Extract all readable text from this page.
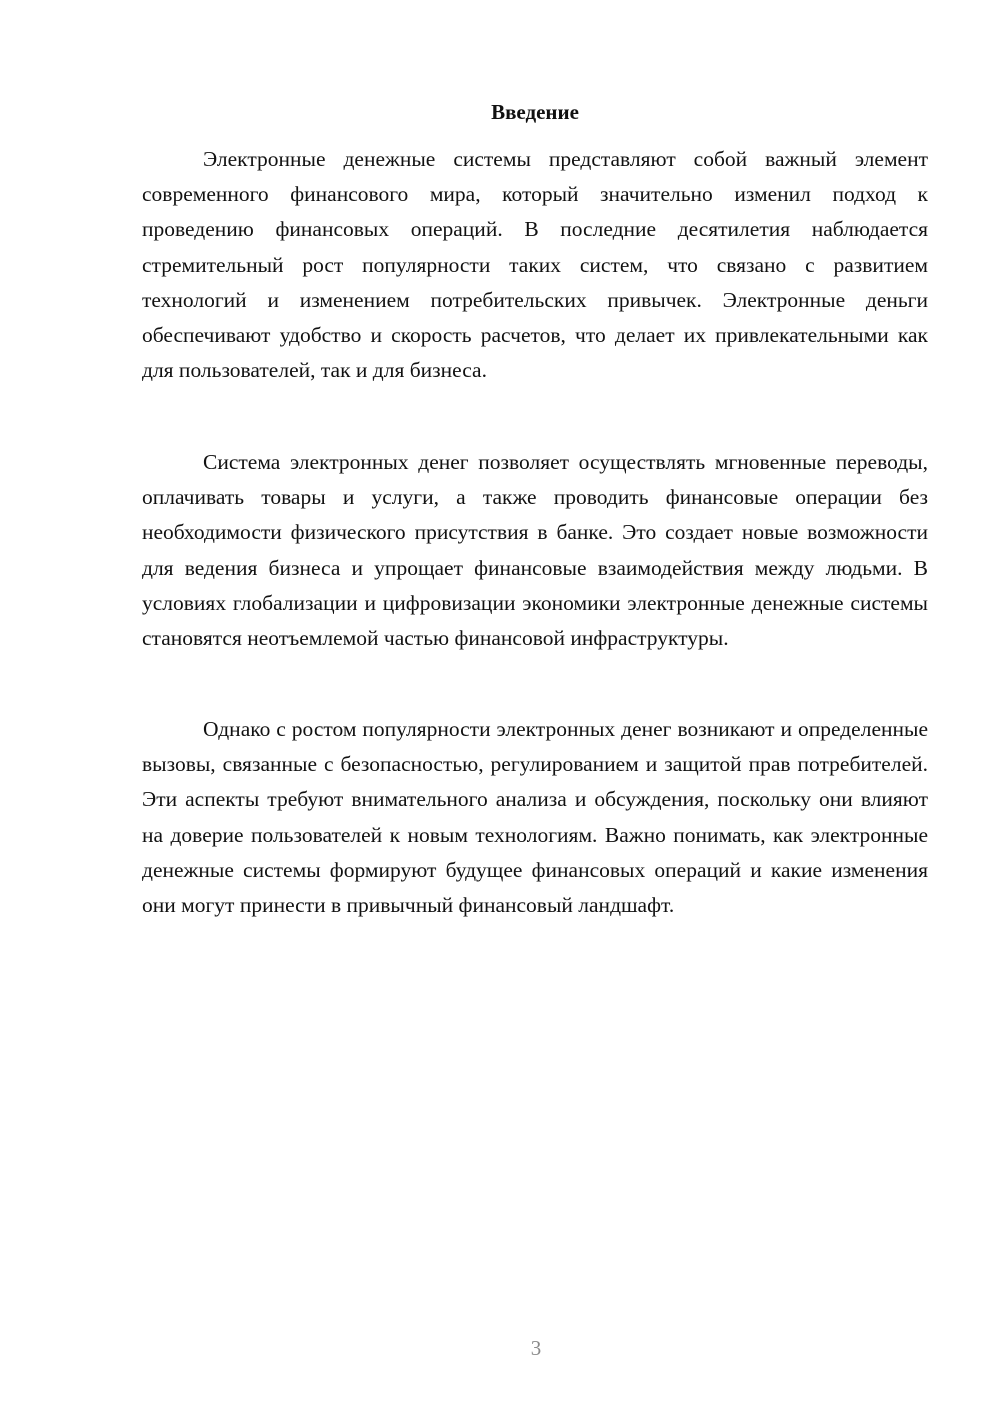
Введение

Электронные денежные системы представляют собой важный элемент современного финансового мира, который значительно изменил подход к проведению финансовых операций. В последние десятилетия наблюдается стремительный рост популярности таких систем, что связано с развитием технологий и изменением потребительских привычек. Электронные деньги обеспечивают удобство и скорость расчетов, что делает их привлекательными как для пользователей, так и для бизнеса.

Система электронных денег позволяет осуществлять мгновенные переводы, оплачивать товары и услуги, а также проводить финансовые операции без необходимости физического присутствия в банке. Это создает новые возможности для ведения бизнеса и упрощает финансовые взаимодействия между людьми. В условиях глобализации и цифровизации экономики электронные денежные системы становятся неотъемлемой частью финансовой инфраструктуры.

Однако с ростом популярности электронных денег возникают и определенные вызовы, связанные с безопасностью, регулированием и защитой прав потребителей. Эти аспекты требуют внимательного анализа и обсуждения, поскольку они влияют на доверие пользователей к новым технологиям. Важно понимать, как электронные денежные системы формируют будущее финансовых операций и какие изменения они могут принести в привычный финансовый ландшафт.

3
